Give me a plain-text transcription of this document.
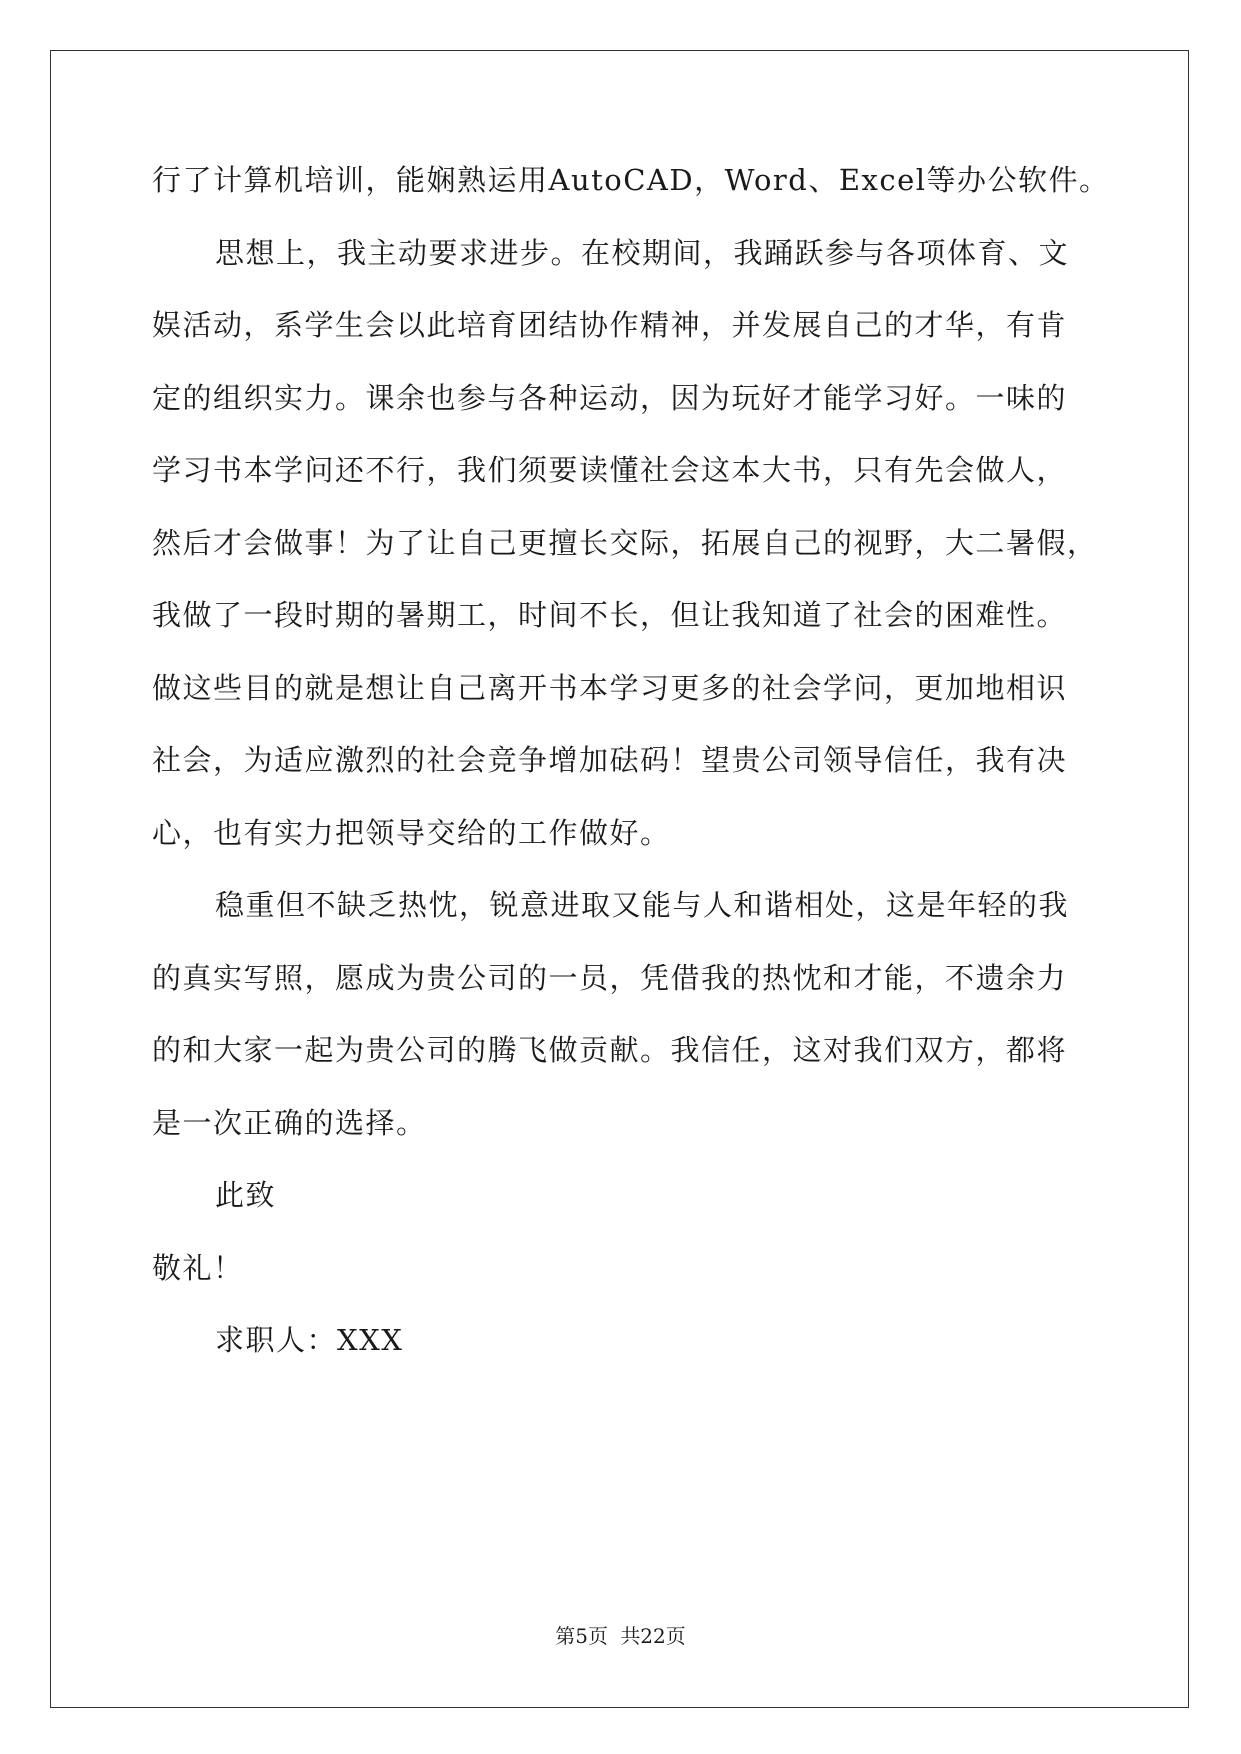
行了计算机培训，能娴熟运用AutoCAD，Word、Excel等办公软件。
思想上，我主动要求进步。在校期间，我踊跃参与各项体育、文
娱活动，系学生会以此培育团结协作精神，并发展自己的才华，有肯
定的组织实力。课余也参与各种运动，因为玩好才能学习好。一味的
学习书本学问还不行，我们须要读懂社会这本大书，只有先会做人，
然后才会做事！为了让自己更擅长交际，拓展自己的视野，大二暑假，
我做了一段时期的暑期工，时间不长，但让我知道了社会的困难性。
做这些目的就是想让自己离开书本学习更多的社会学问，更加地相识
社会，为适应激烈的社会竞争增加砝码！望贵公司领导信任，我有决
心，也有实力把领导交给的工作做好。
稳重但不缺乏热忱，锐意进取又能与人和谐相处，这是年轻的我
的真实写照，愿成为贵公司的一员，凭借我的热忱和才能，不遗余力
的和大家一起为贵公司的腾飞做贡献。我信任，这对我们双方，都将
是一次正确的选择。
此致
敬礼！
求职人：XXX
第5页 共22页
